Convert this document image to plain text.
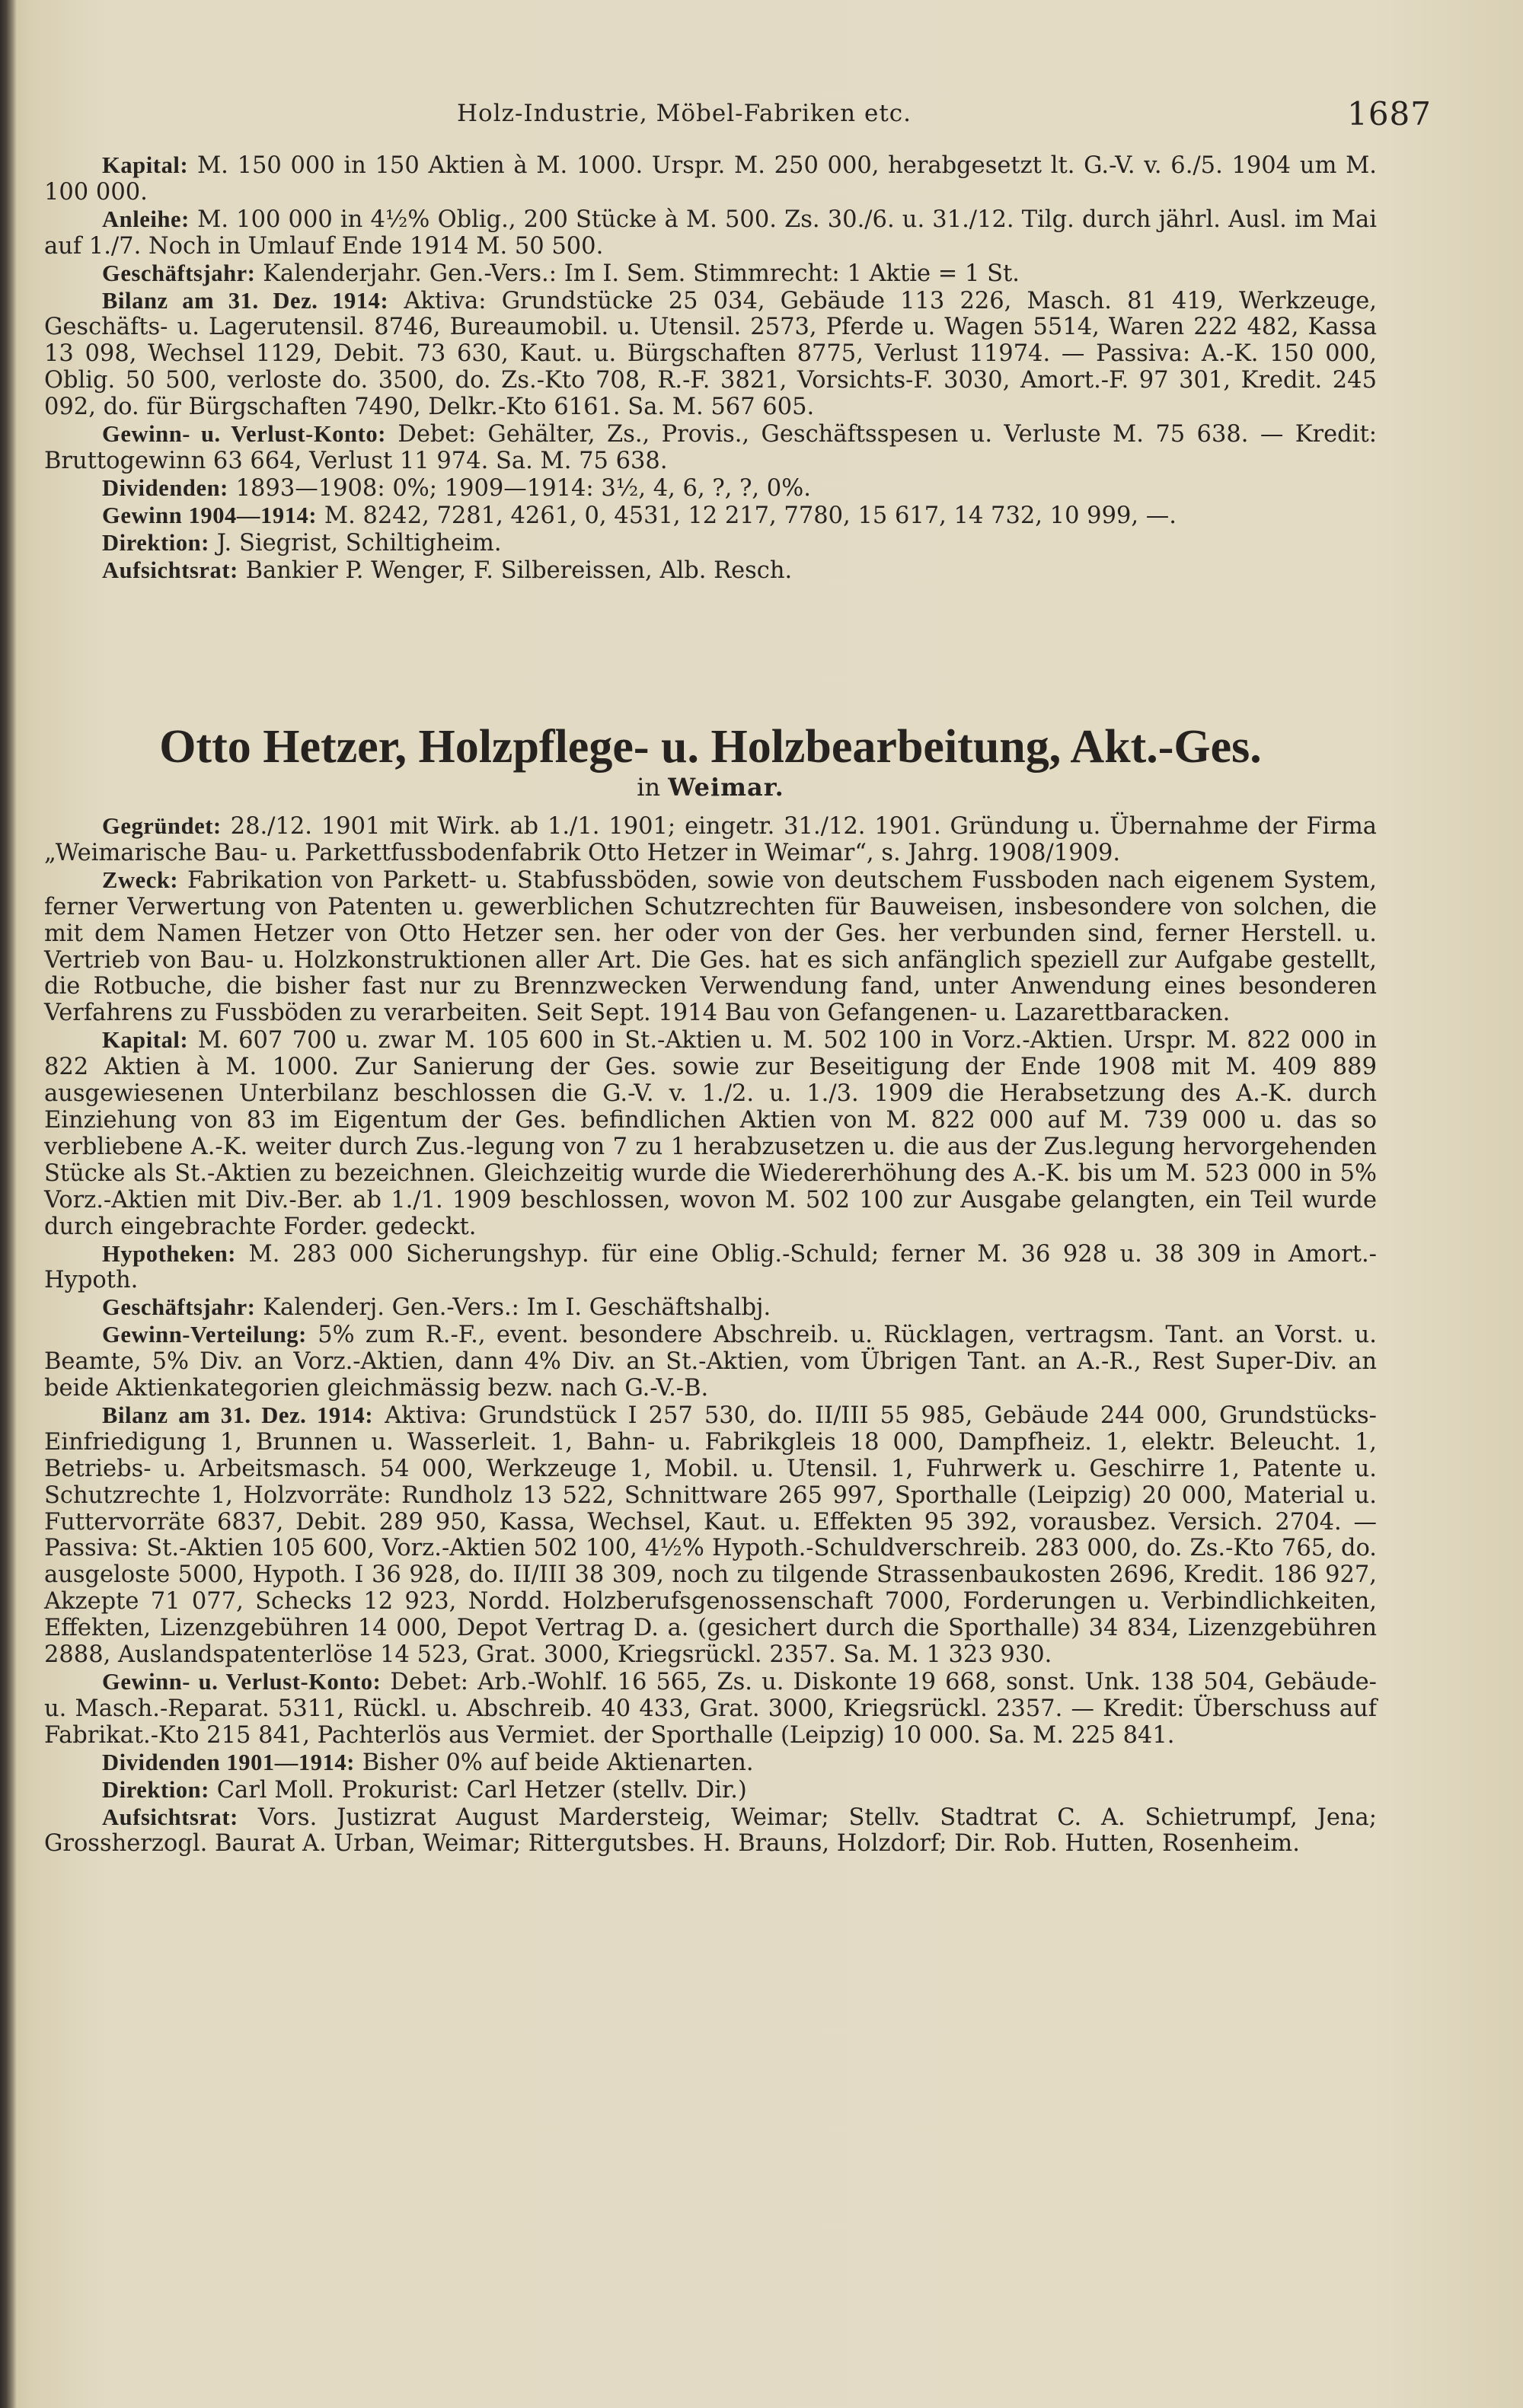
Holz-Industrie, Möbel-Fabriken etc.	1687

Kapital: M. 150 000 in 150 Aktien à M. 1000. Urspr. M. 250 000, herabgesetzt lt. G.-V. v. 6./5. 1904 um M. 100 000.

Anleihe: M. 100 000 in 4½% Oblig., 200 Stücke à M. 500. Zs. 30./6. u. 31./12. Tilg. durch jährl. Ausl. im Mai auf 1./7. Noch in Umlauf Ende 1914 M. 50 500.

Geschäftsjahr: Kalenderjahr. Gen.-Vers.: Im I. Sem. Stimmrecht: 1 Aktie = 1 St.

Bilanz am 31. Dez. 1914: Aktiva: Grundstücke 25 034, Gebäude 113 226, Masch. 81 419, Werkzeuge, Geschäfts- u. Lagerutensil. 8746, Bureaumobil. u. Utensil. 2573, Pferde u. Wagen 5514, Waren 222 482, Kassa 13 098, Wechsel 1129, Debit. 73 630, Kaut. u. Bürgschaften 8775, Verlust 11974. — Passiva: A.-K. 150 000, Oblig. 50 500, verloste do. 3500, do. Zs.-Kto 708, R.-F. 3821, Vorsichts-F. 3030, Amort.-F. 97 301, Kredit. 245 092, do. für Bürgschaften 7490, Delkr.-Kto 6161. Sa. M. 567 605.

Gewinn- u. Verlust-Konto: Debet: Gehälter, Zs., Provis., Geschäftsspesen u. Verluste M. 75 638. — Kredit: Bruttogewinn 63 664, Verlust 11 974. Sa. M. 75 638.

Dividenden: 1893—1908: 0%; 1909—1914: 3½, 4, 6, ?, ?, 0%.

Gewinn 1904—1914: M. 8242, 7281, 4261, 0, 4531, 12 217, 7780, 15 617, 14 732, 10 999, —.

Direktion: J. Siegrist, Schiltigheim.

Aufsichtsrat: Bankier P. Wenger, F. Silbereissen, Alb. Resch.

Otto Hetzer, Holzpflege- u. Holzbearbeitung, Akt.-Ges.
in Weimar.

Gegründet: 28./12. 1901 mit Wirk. ab 1./1. 1901; eingetr. 31./12. 1901. Gründung u. Übernahme der Firma „Weimarische Bau- u. Parkettfussbodenfabrik Otto Hetzer in Weimar“, s. Jahrg. 1908/1909.

Zweck: Fabrikation von Parkett- u. Stabfussböden, sowie von deutschem Fussboden nach eigenem System, ferner Verwertung von Patenten u. gewerblichen Schutzrechten für Bauweisen, insbesondere von solchen, die mit dem Namen Hetzer von Otto Hetzer sen. her oder von der Ges. her verbunden sind, ferner Herstell. u. Vertrieb von Bau- u. Holzkonstruktionen aller Art. Die Ges. hat es sich anfänglich speziell zur Aufgabe gestellt, die Rotbuche, die bisher fast nur zu Brennzwecken Verwendung fand, unter Anwendung eines besonderen Verfahrens zu Fussböden zu verarbeiten. Seit Sept. 1914 Bau von Gefangenen- u. Lazarettbaracken.

Kapital: M. 607 700 u. zwar M. 105 600 in St.-Aktien u. M. 502 100 in Vorz.-Aktien. Urspr. M. 822 000 in 822 Aktien à M. 1000. Zur Sanierung der Ges. sowie zur Beseitigung der Ende 1908 mit M. 409 889 ausgewiesenen Unterbilanz beschlossen die G.-V. v. 1./2. u. 1./3. 1909 die Herabsetzung des A.-K. durch Einziehung von 83 im Eigentum der Ges. befindlichen Aktien von M. 822 000 auf M. 739 000 u. das so verbliebene A.-K. weiter durch Zus.-legung von 7 zu 1 herabzusetzen u. die aus der Zus.legung hervorgehenden Stücke als St.-Aktien zu bezeichnen. Gleichzeitig wurde die Wiedererhöhung des A.-K. bis um M. 523 000 in 5% Vorz.-Aktien mit Div.-Ber. ab 1./1. 1909 beschlossen, wovon M. 502 100 zur Ausgabe gelangten, ein Teil wurde durch eingebrachte Forder. gedeckt.

Hypotheken: M. 283 000 Sicherungshyp. für eine Oblig.-Schuld; ferner M. 36 928 u. 38 309 in Amort.-Hypoth.

Geschäftsjahr: Kalenderj. Gen.-Vers.: Im I. Geschäftshalbj.

Gewinn-Verteilung: 5% zum R.-F., event. besondere Abschreib. u. Rücklagen, vertragsm. Tant. an Vorst. u. Beamte, 5% Div. an Vorz.-Aktien, dann 4% Div. an St.-Aktien, vom Übrigen Tant. an A.-R., Rest Super-Div. an beide Aktienkategorien gleichmässig bezw. nach G.-V.-B.

Bilanz am 31. Dez. 1914: Aktiva: Grundstück I 257 530, do. II/III 55 985, Gebäude 244 000, Grundstücks-Einfriedigung 1, Brunnen u. Wasserleit. 1, Bahn- u. Fabrikgleis 18 000, Dampfheiz. 1, elektr. Beleucht. 1, Betriebs- u. Arbeitsmasch. 54 000, Werkzeuge 1, Mobil. u. Utensil. 1, Fuhrwerk u. Geschirre 1, Patente u. Schutzrechte 1, Holzvorräte: Rundholz 13 522, Schnittware 265 997, Sporthalle (Leipzig) 20 000, Material u. Futtervorräte 6837, Debit. 289 950, Kassa, Wechsel, Kaut. u. Effekten 95 392, vorausbez. Versich. 2704. — Passiva: St.-Aktien 105 600, Vorz.-Aktien 502 100, 4½% Hypoth.-Schuldverschreib. 283 000, do. Zs.-Kto 765, do. ausgeloste 5000, Hypoth. I 36 928, do. II/III 38 309, noch zu tilgende Strassenbaukosten 2696, Kredit. 186 927, Akzepte 71 077, Schecks 12 923, Nordd. Holzberufsgenossenschaft 7000, Forderungen u. Verbindlichkeiten, Effekten, Lizenzgebühren 14 000, Depot Vertrag D. a. (gesichert durch die Sporthalle) 34 834, Lizenzgebühren 2888, Auslandspatenterlöse 14 523, Grat. 3000, Kriegsrückl. 2357. Sa. M. 1 323 930.

Gewinn- u. Verlust-Konto: Debet: Arb.-Wohlf. 16 565, Zs. u. Diskonte 19 668, sonst. Unk. 138 504, Gebäude- u. Masch.-Reparat. 5311, Rückl. u. Abschreib. 40 433, Grat. 3000, Kriegsrückl. 2357. — Kredit: Überschuss auf Fabrikat.-Kto 215 841, Pachterlös aus Vermiet. der Sporthalle (Leipzig) 10 000. Sa. M. 225 841.

Dividenden 1901—1914: Bisher 0% auf beide Aktienarten.

Direktion: Carl Moll. Prokurist: Carl Hetzer (stellv. Dir.)

Aufsichtsrat: Vors. Justizrat August Mardersteig, Weimar; Stellv. Stadtrat C. A. Schietrumpf, Jena; Grossherzogl. Baurat A. Urban, Weimar; Rittergutsbes. H. Brauns, Holzdorf; Dir. Rob. Hutten, Rosenheim.
